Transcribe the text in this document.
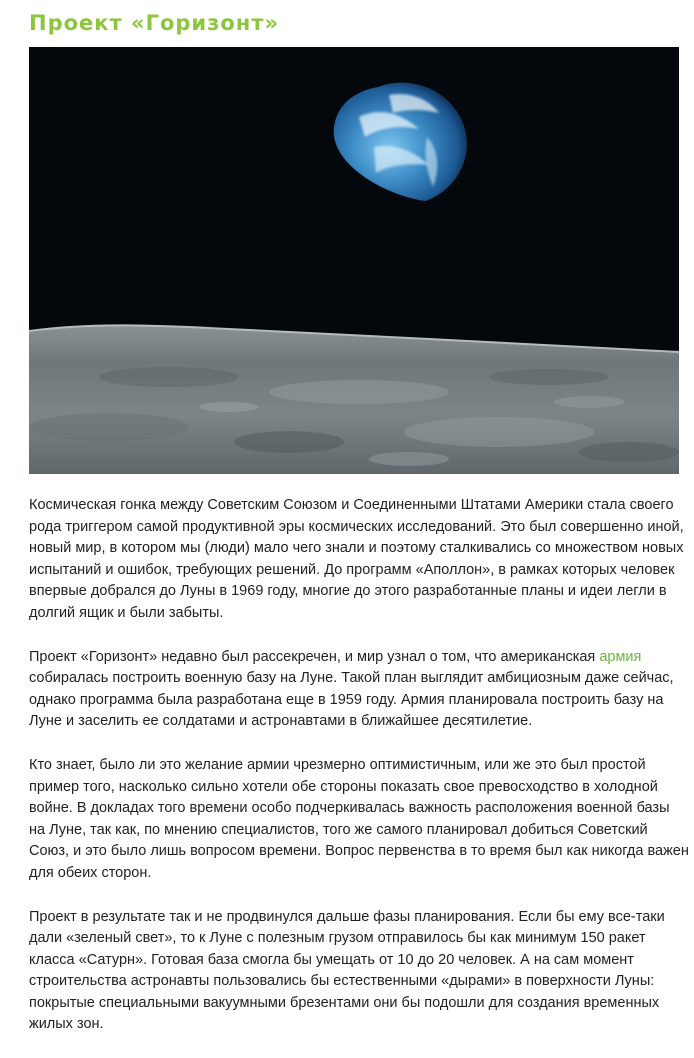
Проект «Горизонт»

Космическая гонка между Советским Союзом и Соединенными Штатами Америки стала своего рода триггером самой продуктивной эры космических исследований. Это был совершенно иной, новый мир, в котором мы (люди) мало чего знали и поэтому сталкивались со множеством новых испытаний и ошибок, требующих решений. До программ «Аполлон», в рамках которых человек впервые добрался до Луны в 1969 году, многие до этого разработанные планы и идеи легли в долгий ящик и были забыты.

Проект «Горизонт» недавно был рассекречен, и мир узнал о том, что американская армия собиралась построить военную базу на Луне. Такой план выглядит амбициозным даже сейчас, однако программа была разработана еще в 1959 году. Армия планировала построить базу на Луне и заселить ее солдатами и астронавтами в ближайшее десятилетие.

Кто знает, было ли это желание армии чрезмерно оптимистичным, или же это был простой пример того, насколько сильно хотели обе стороны показать свое превосходство в холодной войне. В докладах того времени особо подчеркивалась важность расположения военной базы на Луне, так как, по мнению специалистов, того же самого планировал добиться Советский Союз, и это было лишь вопросом времени. Вопрос первенства в то время был как никогда важен для обеих сторон.

Проект в результате так и не продвинулся дальше фазы планирования. Если бы ему все-таки дали «зеленый свет», то к Луне с полезным грузом отправилось бы как минимум 150 ракет класса «Сатурн». Готовая база смогла бы умещать от 10 до 20 человек. А на сам момент строительства астронавты пользовались бы естественными «дырами» в поверхности Луны: покрытые специальными вакуумными брезентами они бы подошли для создания временных жилых зон.
